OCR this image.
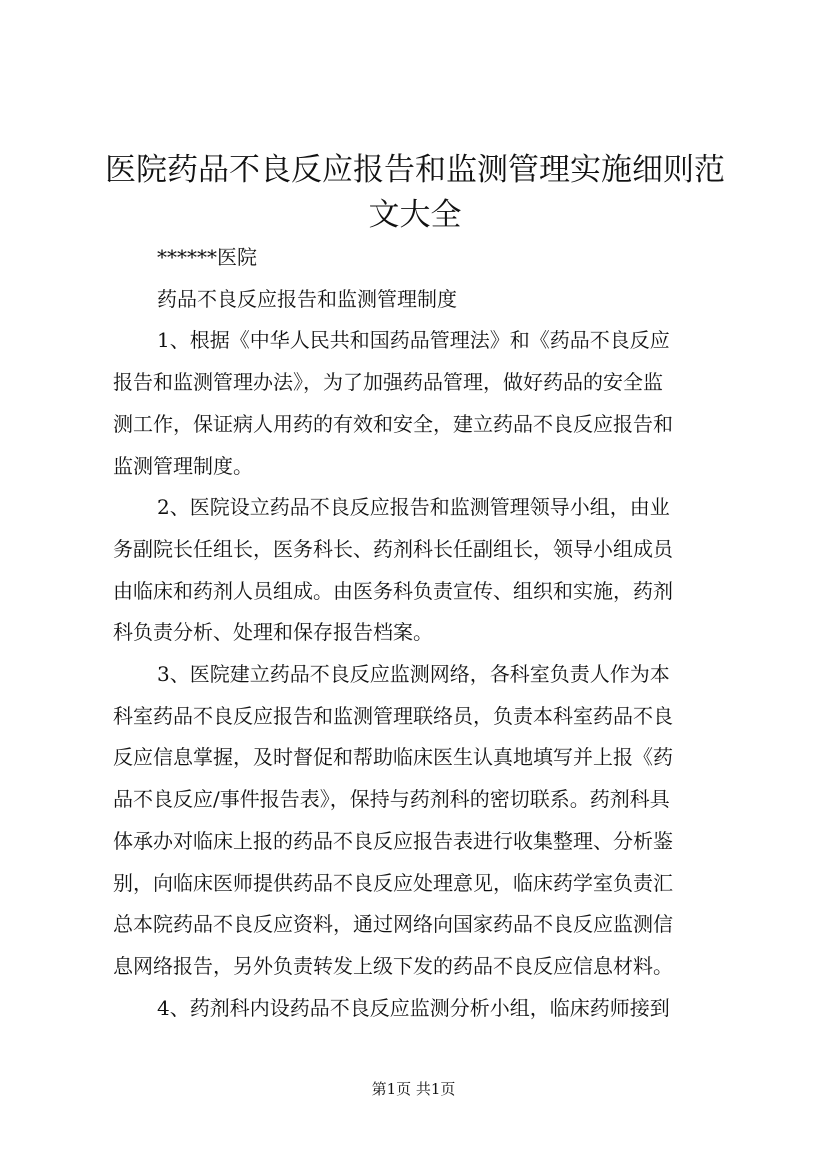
医院药品不良反应报告和监测管理实施细则范
文大全

******医院

药品不良反应报告和监测管理制度

1、根据《中华人民共和国药品管理法》和《药品不良反应
报告和监测管理办法》，为了加强药品管理，做好药品的安全监
测工作，保证病人用药的有效和安全，建立药品不良反应报告和
监测管理制度。

2、医院设立药品不良反应报告和监测管理领导小组，由业
务副院长任组长，医务科长、药剂科长任副组长，领导小组成员
由临床和药剂人员组成。由医务科负责宣传、组织和实施，药剂
科负责分析、处理和保存报告档案。

3、医院建立药品不良反应监测网络，各科室负责人作为本
科室药品不良反应报告和监测管理联络员，负责本科室药品不良
反应信息掌握，及时督促和帮助临床医生认真地填写并上报《药
品不良反应/事件报告表》，保持与药剂科的密切联系。药剂科具
体承办对临床上报的药品不良反应报告表进行收集整理、分析鉴
别，向临床医师提供药品不良反应处理意见，临床药学室负责汇
总本院药品不良反应资料，通过网络向国家药品不良反应监测信
息网络报告，另外负责转发上级下发的药品不良反应信息材料。

4、药剂科内设药品不良反应监测分析小组，临床药师接到

第1页 共1页
